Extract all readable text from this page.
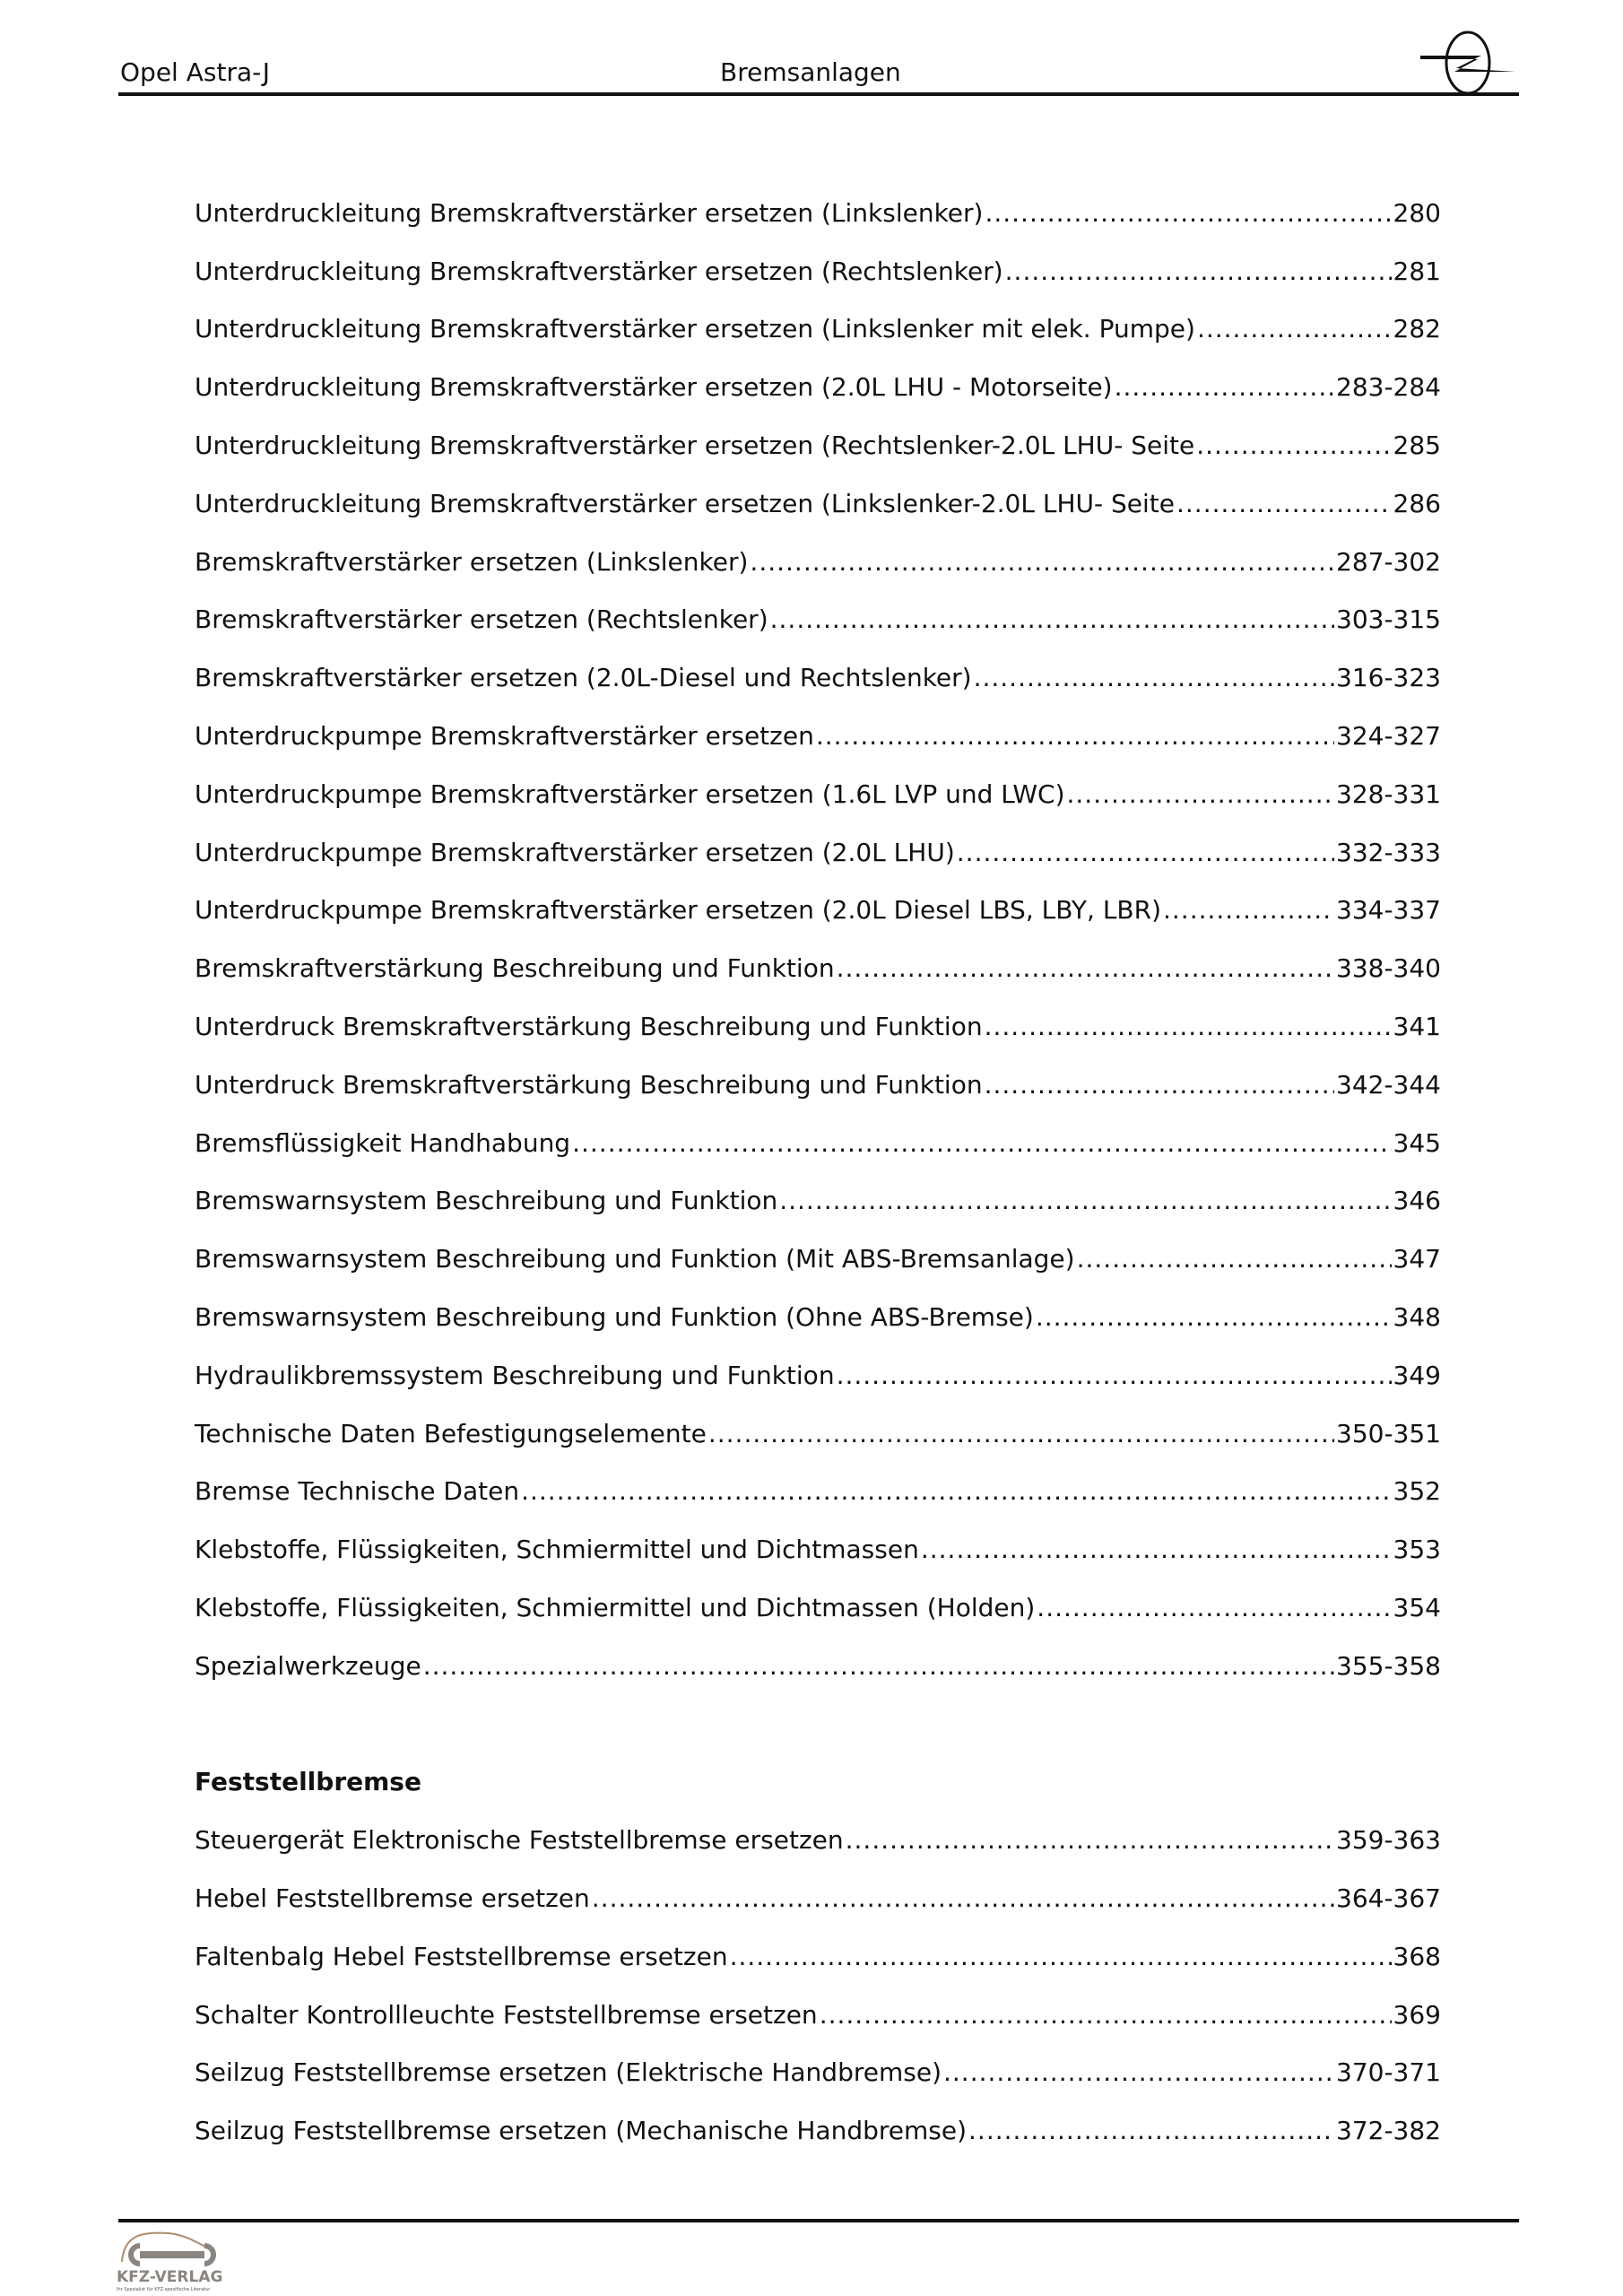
Opel Astra-J	Bremsanlagen
Unterdruckleitung Bremskraftverstärker ersetzen (Linkslenker) .....	280
Unterdruckleitung Bremskraftverstärker ersetzen (Rechtslenker) .....	281
Unterdruckleitung Bremskraftverstärker ersetzen (Linkslenker mit elek. Pumpe) .....	282
Unterdruckleitung Bremskraftverstärker ersetzen (2.0L LHU - Motorseite) .....	283-284
Unterdruckleitung Bremskraftverstärker ersetzen (Rechtslenker-2.0L LHU- Seite .....	285
Unterdruckleitung Bremskraftverstärker ersetzen (Linkslenker-2.0L LHU- Seite .....	286
Bremskraftverstärker ersetzen (Linkslenker) .....	287-302
Bremskraftverstärker ersetzen (Rechtslenker) .....	303-315
Bremskraftverstärker ersetzen (2.0L-Diesel und Rechtslenker) .....	316-323
Unterdruckpumpe Bremskraftverstärker ersetzen .....	324-327
Unterdruckpumpe Bremskraftverstärker ersetzen (1.6L LVP und LWC) .....	328-331
Unterdruckpumpe Bremskraftverstärker ersetzen (2.0L LHU) .....	332-333
Unterdruckpumpe Bremskraftverstärker ersetzen (2.0L Diesel LBS, LBY, LBR) .....	334-337
Bremskraftverstärkung Beschreibung und Funktion .....	338-340
Unterdruck Bremskraftverstärkung Beschreibung und Funktion .....	341
Unterdruck Bremskraftverstärkung Beschreibung und Funktion .....	342-344
Bremsflüssigkeit Handhabung .....	345
Bremswarnsystem Beschreibung und Funktion .....	346
Bremswarnsystem Beschreibung und Funktion (Mit ABS-Bremsanlage) .....	347
Bremswarnsystem Beschreibung und Funktion (Ohne ABS-Bremse) .....	348
Hydraulikbremssystem Beschreibung und Funktion .....	349
Technische Daten Befestigungselemente .....	350-351
Bremse Technische Daten .....	352
Klebstoffe, Flüssigkeiten, Schmiermittel und Dichtmassen .....	353
Klebstoffe, Flüssigkeiten, Schmiermittel und Dichtmassen (Holden) .....	354
Spezialwerkzeuge .....	355-358
Feststellbremse
Steuergerät Elektronische Feststellbremse ersetzen .....	359-363
Hebel Feststellbremse ersetzen .....	364-367
Faltenbalg Hebel Feststellbremse ersetzen .....	368
Schalter Kontrollleuchte Feststellbremse ersetzen .....	369
Seilzug Feststellbremse ersetzen (Elektrische Handbremse) .....	370-371
Seilzug Feststellbremse ersetzen (Mechanische Handbremse) .....	372-382
KFZ-VERLAG
Ihr Spezialist für KFZ-spezifische Literatur
